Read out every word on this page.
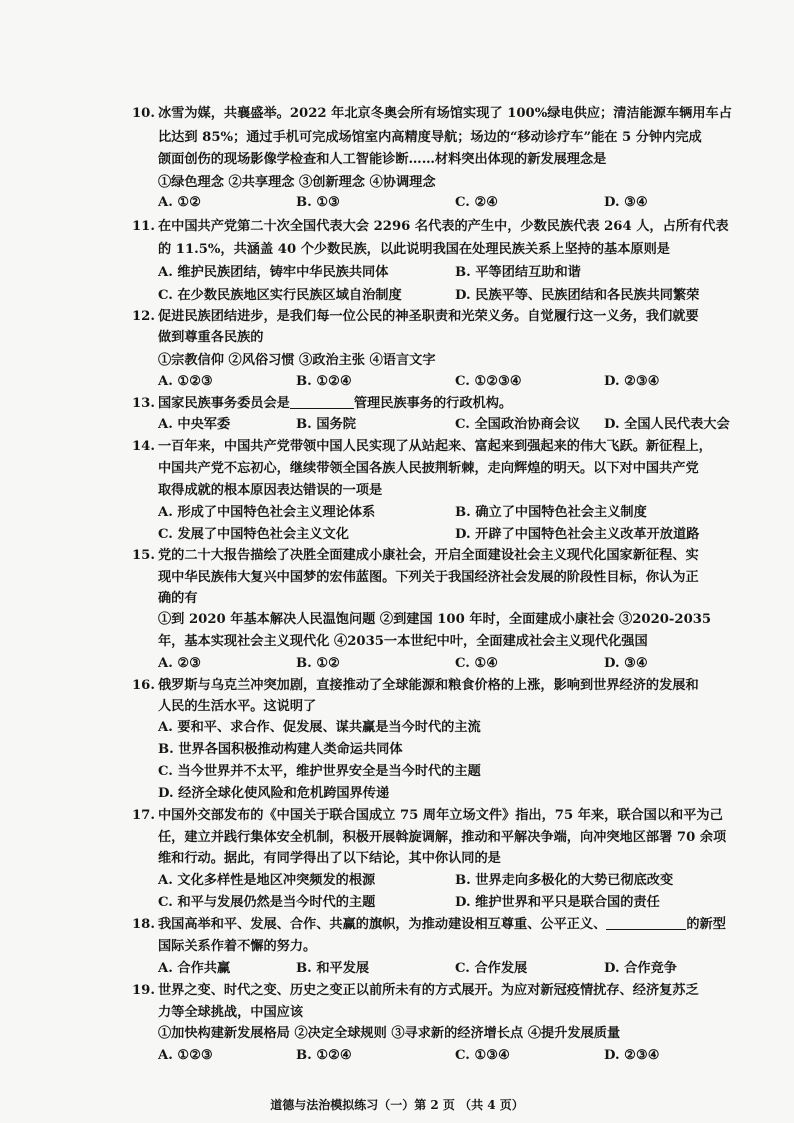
10. 冰雪为媒，共襄盛举。2022 年北京冬奥会所有场馆实现了 100%绿电供应；清洁能源车辆用车占
比达到 85%；通过手机可完成场馆室内高精度导航；场边的“移动诊疗车”能在 5 分钟内完成
颌面创伤的现场影像学检查和人工智能诊断……材料突出体现的新发展理念是
①绿色理念 ②共享理念 ③创新理念 ④协调理念
A. ①②	B. ①③	C. ②④	D. ③④
11. 在中国共产党第二十次全国代表大会 2296 名代表的产生中，少数民族代表 264 人，占所有代表
的 11.5%，共涵盖 40 个少数民族，以此说明我国在处理民族关系上坚持的基本原则是
A. 维护民族团结，铸牢中华民族共同体	B. 平等团结互助和谐
C. 在少数民族地区实行民族区域自治制度	D. 民族平等、民族团结和各民族共同繁荣
12. 促进民族团结进步，是我们每一位公民的神圣职责和光荣义务。自觉履行这一义务，我们就要
做到尊重各民族的
①宗教信仰 ②风俗习惯 ③政治主张 ④语言文字
A. ①②③	B. ①②④	C. ①②③④	D. ②③④
13. 国家民族事务委员会是	管理民族事务的行政机构。
A. 中央军委	B. 国务院	C. 全国政治协商会议 D. 全国人民代表大会
14. 一百年来，中国共产党带领中国人民实现了从站起来、富起来到强起来的伟大飞跃。新征程上，
中国共产党不忘初心，继续带领全国各族人民披荆斩棘，走向辉煌的明天。以下对中国共产党
取得成就的根本原因表达错误的一项是
A. 形成了中国特色社会主义理论体系	B. 确立了中国特色社会主义制度
C. 发展了中国特色社会主义文化	D. 开辟了中国特色社会主义改革开放道路
15. 党的二十大报告描绘了决胜全面建成小康社会，开启全面建设社会主义现代化国家新征程、实
现中华民族伟大复兴中国梦的宏伟蓝图。下列关于我国经济社会发展的阶段性目标，你认为正
确的有
①到 2020 年基本解决人民温饱问题 ②到建国 100 年时，全面建成小康社会 ③2020-2035
年，基本实现社会主义现代化 ④2035一本世纪中叶，全面建成社会主义现代化强国
A. ②③	B. ①②	C. ①④	D. ③④
16. 俄罗斯与乌克兰冲突加剧，直接推动了全球能源和粮食价格的上涨，影响到世界经济的发展和
人民的生活水平。这说明了
A. 要和平、求合作、促发展、谋共赢是当今时代的主流
B. 世界各国积极推动构建人类命运共同体
C. 当今世界并不太平，维护世界安全是当今时代的主题
D. 经济全球化使风险和危机跨国界传递
17. 中国外交部发布的《中国关于联合国成立 75 周年立场文件》指出，75 年来，联合国以和平为己
任，建立并践行集体安全机制，积极开展斡旋调解，推动和平解决争端，向冲突地区部署 70 余项
维和行动。据此，有同学得出了以下结论，其中你认同的是
A. 文化多样性是地区冲突频发的根源	B. 世界走向多极化的大势已彻底改变
C. 和平与发展仍然是当今时代的主题	D. 维护世界和平只是联合国的责任
18. 我国高举和平、发展、合作、共赢的旗帜，为推动建设相互尊重、公平正义、	的新型
国际关系作着不懈的努力。
A. 合作共赢	B. 和平发展	C. 合作发展	D. 合作竞争
19. 世界之变、时代之变、历史之变正以前所未有的方式展开。为应对新冠疫情扰存、经济复苏乏
力等全球挑战，中国应该
①加快构建新发展格局 ②决定全球规则 ③寻求新的经济增长点 ④提升发展质量
A. ①②③	B. ①②④	C. ①③④	D. ②③④
道德与法治模拟练习（一）第 2 页 （共 4 页）
